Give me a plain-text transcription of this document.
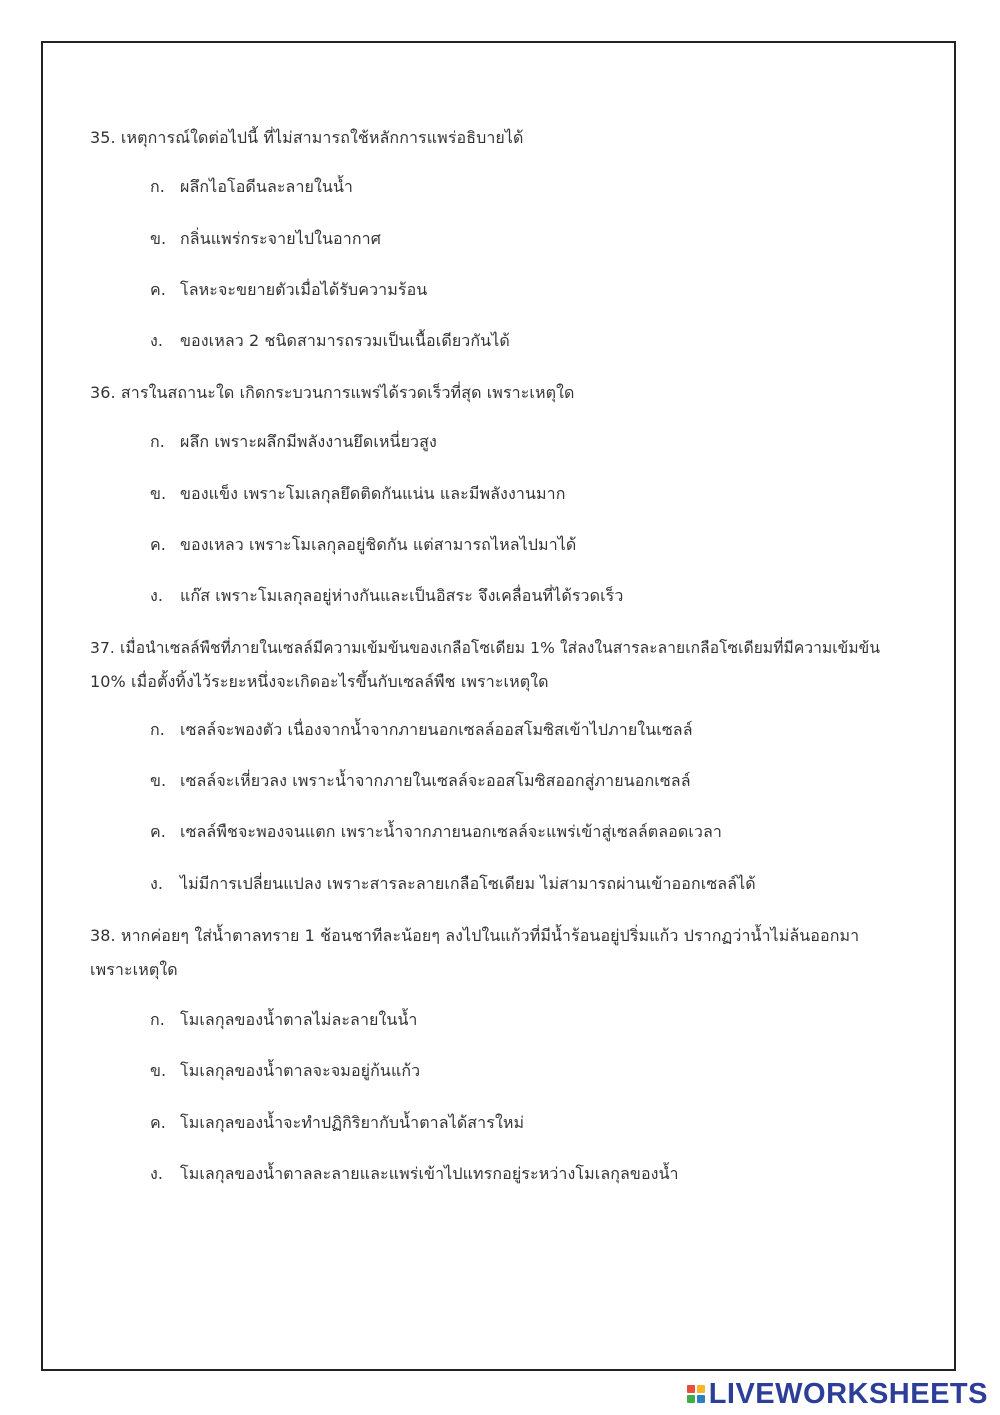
35. เหตุการณ์ใดต่อไปนี้ ที่ไม่สามารถใช้หลักการแพร่อธิบายได้
ก. ผลึกไอโอดีนละลายในน้ำ
ข. กลิ่นแพร่กระจายไปในอากาศ
ค. โลหะจะขยายตัวเมื่อได้รับความร้อน
ง. ของเหลว 2 ชนิดสามารถรวมเป็นเนื้อเดียวกันได้
36. สารในสถานะใด เกิดกระบวนการแพร่ได้รวดเร็วที่สุด เพราะเหตุใด
ก. ผลึก เพราะผลึกมีพลังงานยึดเหนี่ยวสูง
ข. ของแข็ง เพราะโมเลกุลยึดติดกันแน่น และมีพลังงานมาก
ค. ของเหลว เพราะโมเลกุลอยู่ชิดกัน แต่สามารถไหลไปมาได้
ง. แก๊ส เพราะโมเลกุลอยู่ห่างกันและเป็นอิสระ จึงเคลื่อนที่ได้รวดเร็ว
37. เมื่อนำเซลล์พืชที่ภายในเซลล์มีความเข้มข้นของเกลือโซเดียม 1% ใส่ลงในสารละลายเกลือโซเดียมที่มีความเข้มข้น
10% เมื่อตั้งทิ้งไว้ระยะหนึ่งจะเกิดอะไรขึ้นกับเซลล์พืช เพราะเหตุใด
ก. เซลล์จะพองตัว เนื่องจากน้ำจากภายนอกเซลล์ออสโมซิสเข้าไปภายในเซลล์
ข. เซลล์จะเหี่ยวลง เพราะน้ำจากภายในเซลล์จะออสโมซิสออกสู่ภายนอกเซลล์
ค. เซลล์พืชจะพองจนแตก เพราะน้ำจากภายนอกเซลล์จะแพร่เข้าสู่เซลล์ตลอดเวลา
ง. ไม่มีการเปลี่ยนแปลง เพราะสารละลายเกลือโซเดียม ไม่สามารถผ่านเข้าออกเซลล์ได้
38. หากค่อยๆ ใส่น้ำตาลทราย 1 ช้อนชาทีละน้อยๆ ลงไปในแก้วที่มีน้ำร้อนอยู่ปริ่มแก้ว ปรากฏว่าน้ำไม่ล้นออกมา
เพราะเหตุใด
ก. โมเลกุลของน้ำตาลไม่ละลายในน้ำ
ข. โมเลกุลของน้ำตาลจะจมอยู่ก้นแก้ว
ค. โมเลกุลของน้ำจะทำปฏิกิริยากับน้ำตาลได้สารใหม่
ง. โมเลกุลของน้ำตาลละลายและแพร่เข้าไปแทรกอยู่ระหว่างโมเลกุลของน้ำ
LIVEWORKSHEETS
